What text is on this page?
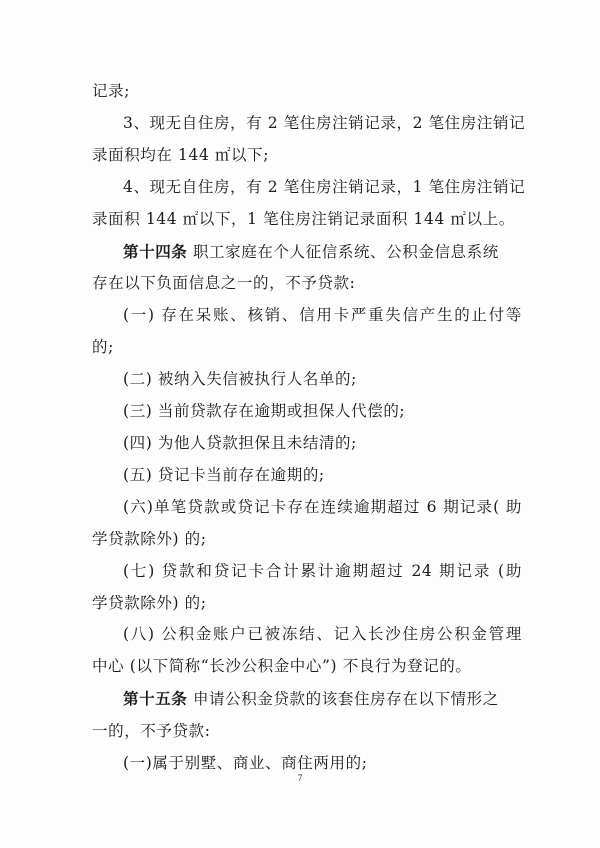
记录;
3、现无自住房，有 2 笔住房注销记录，2 笔住房注销记
录面积均在 144 ㎡以下;
4、现无自住房，有 2 笔住房注销记录，1 笔住房注销记
录面积 144 ㎡以下，1 笔住房注销记录面积 144 ㎡以上。
第十四条 职工家庭在个人征信系统、公积金信息系统
存在以下负面信息之一的，不予贷款:
(一) 存在呆账、核销、信用卡严重失信产生的止付等
的;
(二) 被纳入失信被执行人名单的;
(三) 当前贷款存在逾期或担保人代偿的;
(四) 为他人贷款担保且未结清的;
(五) 贷记卡当前存在逾期的;
(六)单笔贷款或贷记卡存在连续逾期超过 6 期记录( 助
学贷款除外) 的;
(七) 贷款和贷记卡合计累计逾期超过 24 期记录 (助
学贷款除外) 的;
(八) 公积金账户已被冻结、记入长沙住房公积金管理
中心 (以下简称“长沙公积金中心”) 不良行为登记的。
第十五条 申请公积金贷款的该套住房存在以下情形之
一的，不予贷款:
(一)属于别墅、商业、商住两用的;
7
